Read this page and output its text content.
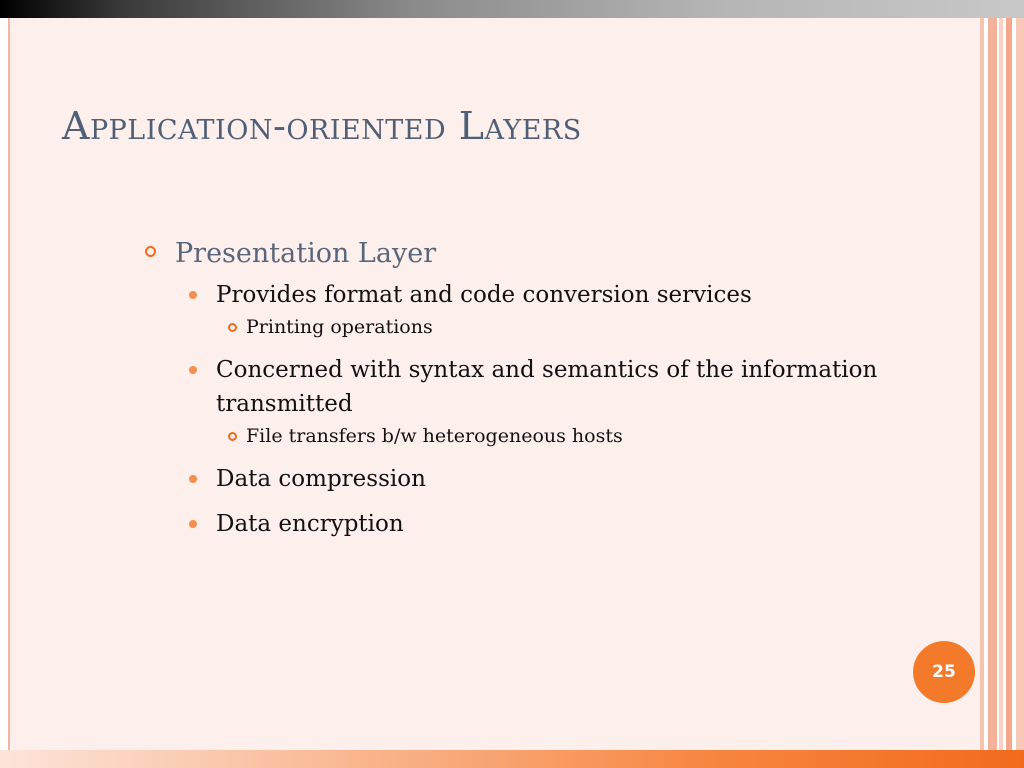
Application-oriented Layers
Presentation Layer
Provides format and code conversion services
Printing operations
Concerned with syntax and semantics of the information transmitted
File transfers b/w heterogeneous hosts
Data compression
Data encryption
25
